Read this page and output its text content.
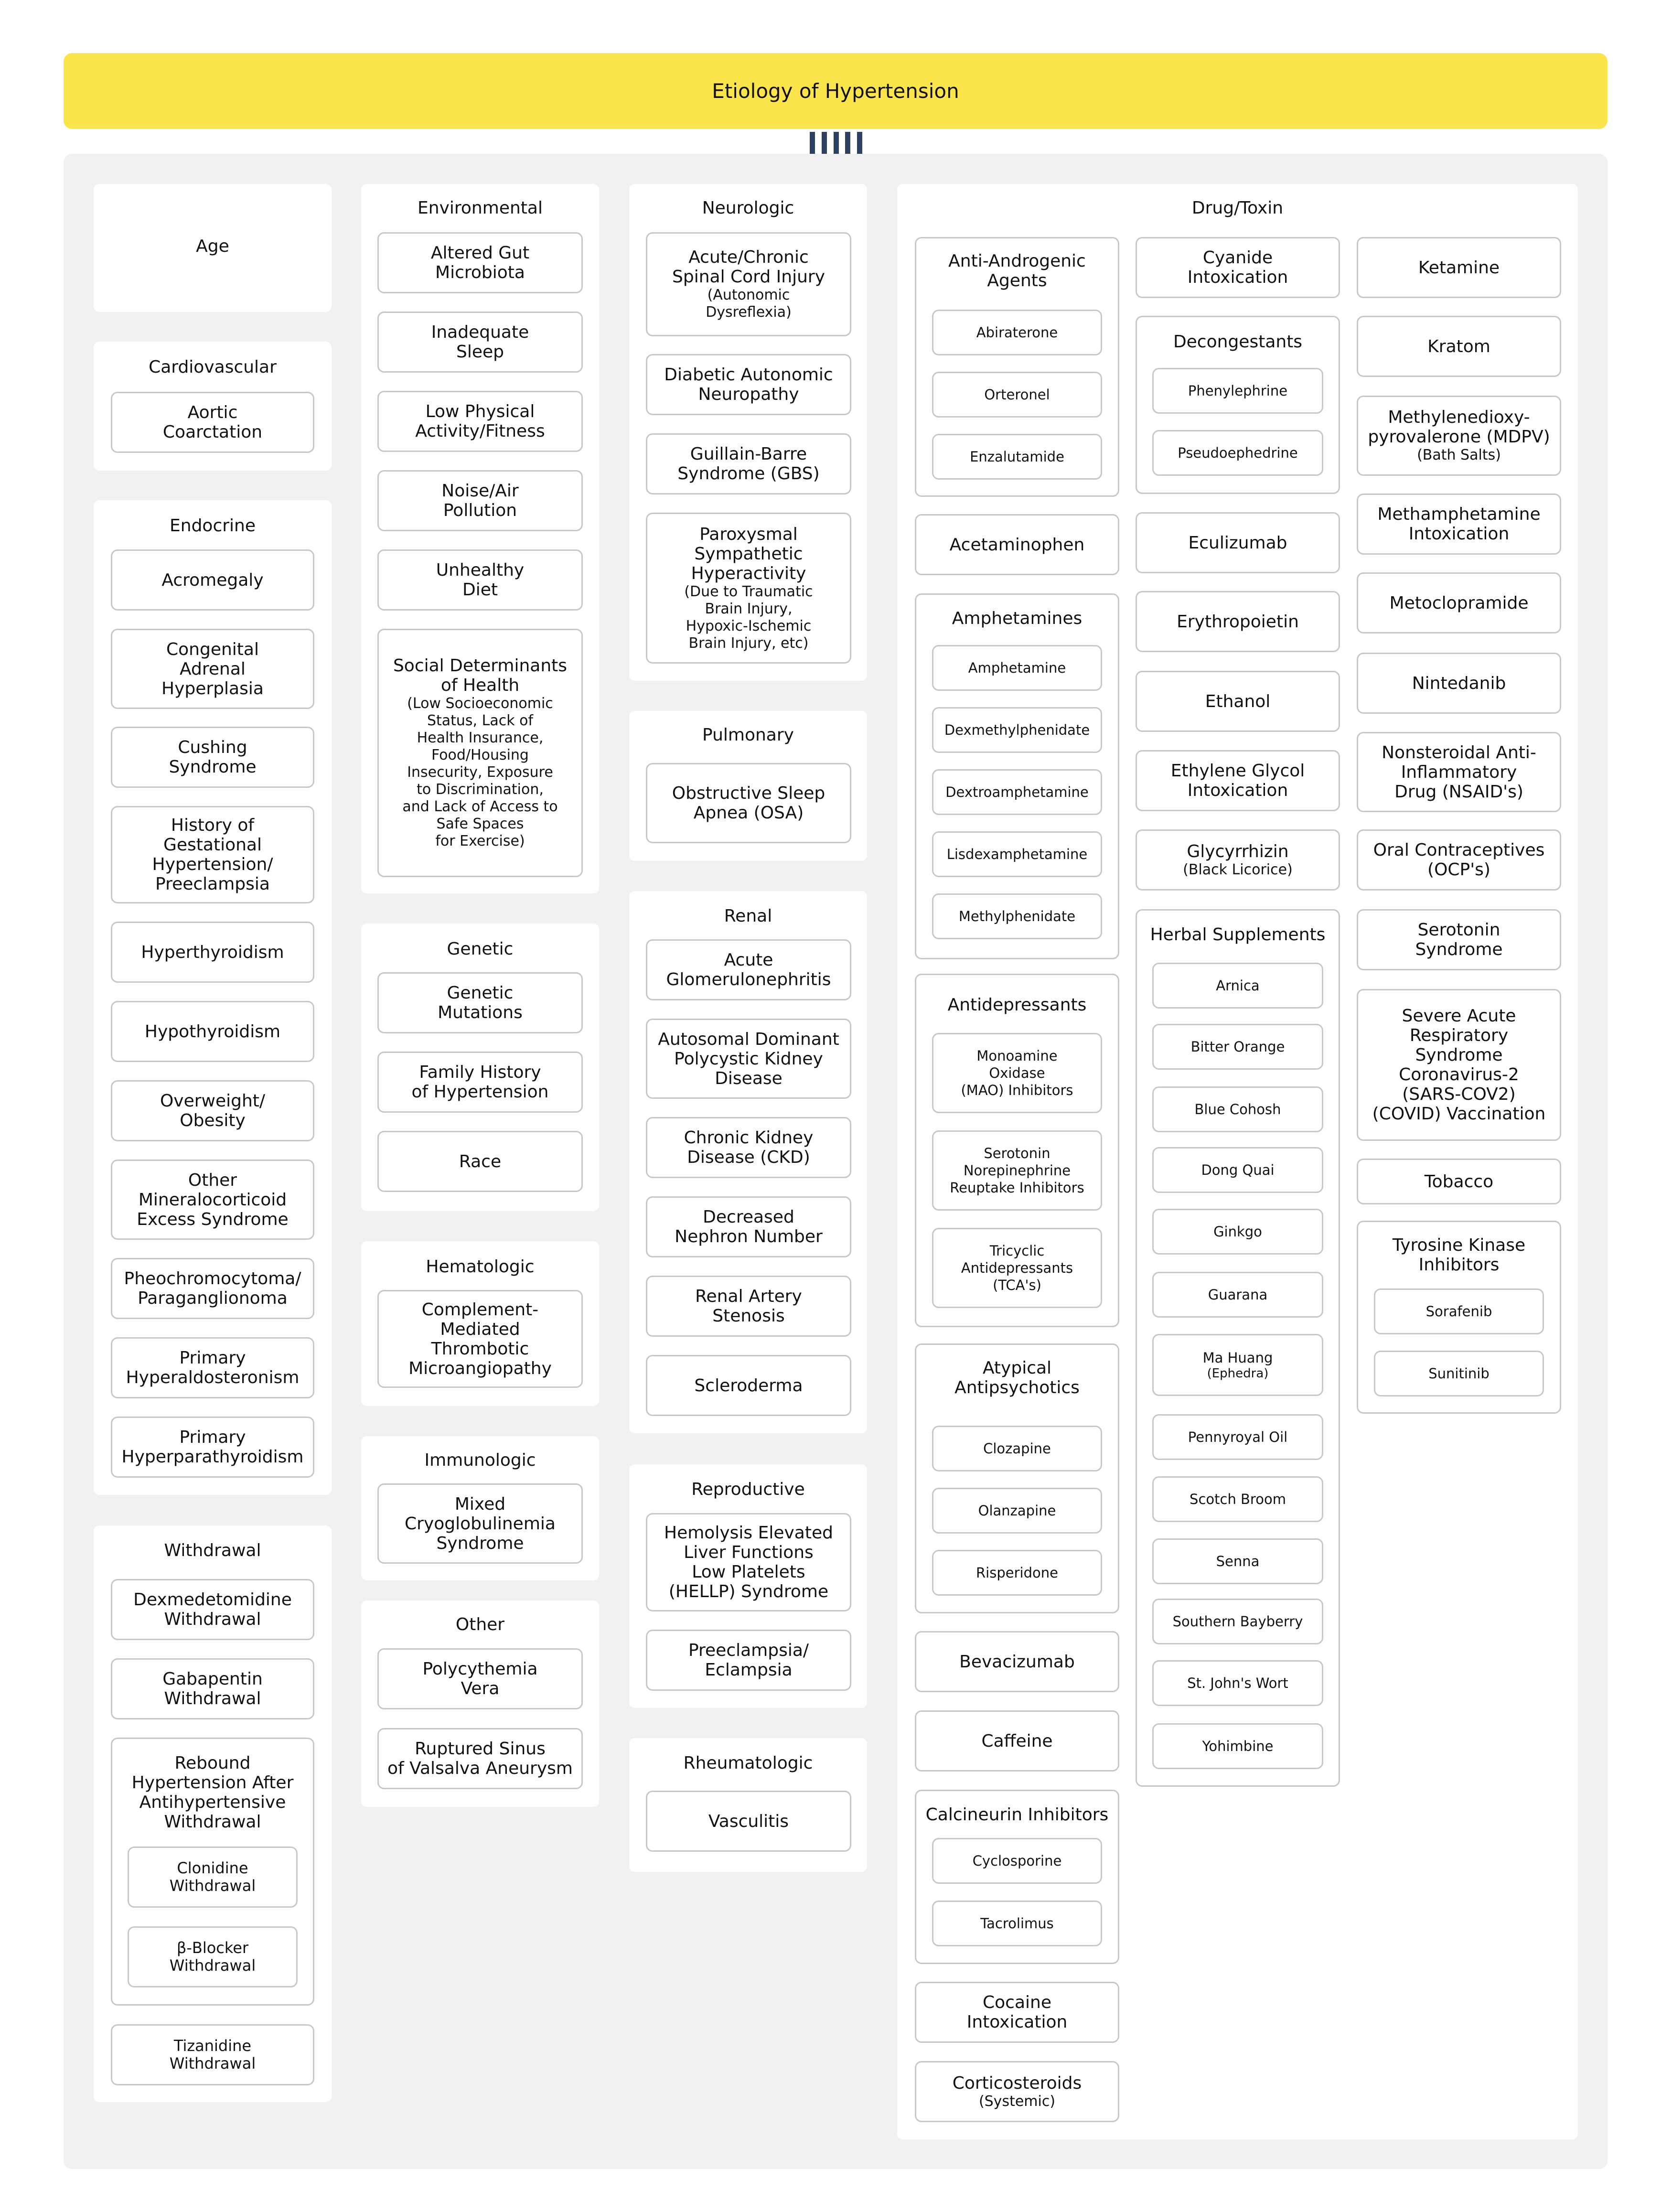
Etiology of Hypertension
Age
Cardiovascular
Aortic
Coarctation
Endocrine
Acromegaly
Congenital
Adrenal
Hyperplasia
Cushing
Syndrome
History of
Gestational
Hypertension/
Preeclampsia
Hyperthyroidism
Hypothyroidism
Overweight/
Obesity
Other
Mineralocorticoid
Excess Syndrome
Pheochromocytoma/
Paraganglionoma
Primary
Hyperaldosteronism
Primary
Hyperparathyroidism
Withdrawal
Dexmedetomidine
Withdrawal
Gabapentin
Withdrawal
Rebound
Hypertension After
Antihypertensive
Withdrawal
Clonidine
Withdrawal
β-Blocker
Withdrawal
Tizanidine
Withdrawal
Environmental
Altered Gut
Microbiota
Inadequate
Sleep
Low Physical
Activity/Fitness
Noise/Air
Pollution
Unhealthy
Diet
Social Determinants
of Health
(Low Socioeconomic
Status, Lack of
Health Insurance,
Food/Housing
Insecurity, Exposure
to Discrimination,
and Lack of Access to
Safe Spaces
for Exercise)
Genetic
Genetic
Mutations
Family History
of Hypertension
Race
Hematologic
Complement-
Mediated
Thrombotic
Microangiopathy
Immunologic
Mixed
Cryoglobulinemia
Syndrome
Other
Polycythemia
Vera
Ruptured Sinus
of Valsalva Aneurysm
Neurologic
Acute/Chronic
Spinal Cord Injury
(Autonomic
Dysreflexia)
Diabetic Autonomic
Neuropathy
Guillain-Barre
Syndrome (GBS)
Paroxysmal
Sympathetic
Hyperactivity
(Due to Traumatic
Brain Injury,
Hypoxic-Ischemic
Brain Injury, etc)
Pulmonary
Obstructive Sleep
Apnea (OSA)
Renal
Acute
Glomerulonephritis
Autosomal Dominant
Polycystic Kidney
Disease
Chronic Kidney
Disease (CKD)
Decreased
Nephron Number
Renal Artery
Stenosis
Scleroderma
Reproductive
Hemolysis Elevated
Liver Functions
Low Platelets
(HELLP) Syndrome
Preeclampsia/
Eclampsia
Rheumatologic
Vasculitis
Drug/Toxin
Anti-Androgenic
Agents
Abiraterone
Orteronel
Enzalutamide
Acetaminophen
Amphetamines
Amphetamine
Dexmethylphenidate
Dextroamphetamine
Lisdexamphetamine
Methylphenidate
Antidepressants
Monoamine
Oxidase
(MAO) Inhibitors
Serotonin
Norepinephrine
Reuptake Inhibitors
Tricyclic
Antidepressants
(TCA's)
Atypical
Antipsychotics
Clozapine
Olanzapine
Risperidone
Bevacizumab
Caffeine
Calcineurin Inhibitors
Cyclosporine
Tacrolimus
Cocaine
Intoxication
Corticosteroids
(Systemic)
Cyanide
Intoxication
Decongestants
Phenylephrine
Pseudoephedrine
Eculizumab
Erythropoietin
Ethanol
Ethylene Glycol
Intoxication
Glycyrrhizin
(Black Licorice)
Herbal Supplements
Arnica
Bitter Orange
Blue Cohosh
Dong Quai
Ginkgo
Guarana
Ma Huang
(Ephedra)
Pennyroyal Oil
Scotch Broom
Senna
Southern Bayberry
St. John's Wort
Yohimbine
Ketamine
Kratom
Methylenedioxy-
pyrovalerone (MDPV)
(Bath Salts)
Methamphetamine
Intoxication
Metoclopramide
Nintedanib
Nonsteroidal Anti-
Inflammatory
Drug (NSAID's)
Oral Contraceptives
(OCP's)
Serotonin
Syndrome
Severe Acute
Respiratory
Syndrome
Coronavirus-2
(SARS-COV2)
(COVID) Vaccination
Tobacco
Tyrosine Kinase
Inhibitors
Sorafenib
Sunitinib
